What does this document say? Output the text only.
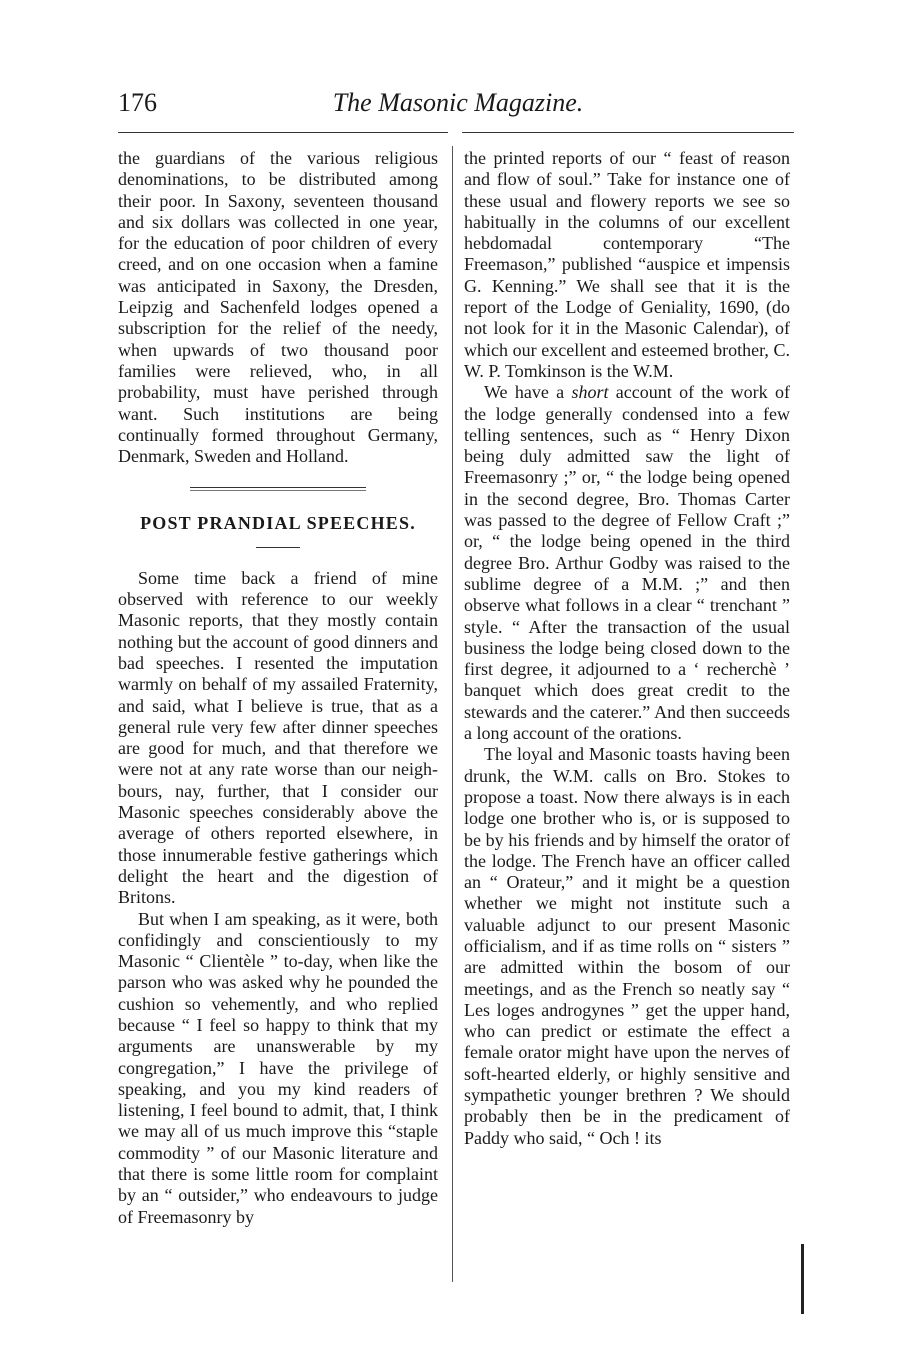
176	The Masonic Magazine.

the guardians of the various religious denominations, to be distributed among their poor. In Saxony, seventeen thousand and six dollars was collected in one year, for the education of poor children of every creed, and on one occasion when a famine was anticipated in Saxony, the Dresden, Leipzig and Sachenfeld lodges opened a subscription for the relief of the needy, when upwards of two thousand poor families were relieved, who, in all probability, must have perished through want. Such institutions are being continually formed throughout Germany, Denmark, Sweden and Holland.

POST PRANDIAL SPEECHES.

Some time back a friend of mine observed with reference to our weekly Masonic reports, that they mostly contain nothing but the account of good dinners and bad speeches. I resented the imputation warmly on behalf of my assailed Fraternity, and said, what I believe is true, that as a general rule very few after dinner speeches are good for much, and that therefore we were not at any rate worse than our neighbours, nay, further, that I consider our Masonic speeches considerably above the average of others reported elsewhere, in those innumerable festive gatherings which delight the heart and the digestion of Britons.

But when I am speaking, as it were, both confidingly and conscientiously to my Masonic “ Clientèle ” to-day, when like the parson who was asked why he pounded the cushion so vehemently, and who replied because “ I feel so happy to think that my arguments are unanswerable by my congregation,” I have the privilege of speaking, and you my kind readers of listening, I feel bound to admit, that, I think we may all of us much improve this “staple commodity ” of our Masonic literature and that there is some little room for complaint by an “ outsider,” who endeavours to judge of Freemasonry by

the printed reports of our “ feast of reason and flow of soul.” Take for instance one of these usual and flowery reports we see so habitually in the columns of our excellent hebdomadal contemporary “The Freemason,” published “auspice et impensis G. Kenning.” We shall see that it is the report of the Lodge of Geniality, 1690, (do not look for it in the Masonic Calendar), of which our excellent and esteemed brother, C. W. P. Tomkinson is the W.M.

We have a short account of the work of the lodge generally condensed into a few telling sentences, such as “ Henry Dixon being duly admitted saw the light of Freemasonry ;” or, “ the lodge being opened in the second degree, Bro. Thomas Carter was passed to the degree of Fellow Craft ;” or, “ the lodge being opened in the third degree Bro. Arthur Godby was raised to the sublime degree of a M.M. ;” and then observe what follows in a clear “ trenchant ” style. “ After the transaction of the usual business the lodge being closed down to the first degree, it adjourned to a ‘ recherchè ’ banquet which does great credit to the stewards and the caterer.” And then succeeds a long account of the orations.

The loyal and Masonic toasts having been drunk, the W.M. calls on Bro. Stokes to propose a toast. Now there always is in each lodge one brother who is, or is supposed to be by his friends and by himself the orator of the lodge. The French have an officer called an “ Orateur,” and it might be a question whether we might not institute such a valuable adjunct to our present Masonic officialism, and if as time rolls on “ sisters ” are admitted within the bosom of our meetings, and as the French so neatly say “ Les loges androgynes ” get the upper hand, who can predict or estimate the effect a female orator might have upon the nerves of soft-hearted elderly, or highly sensitive and sympathetic younger brethren ? We should probably then be in the predicament of Paddy who said, “ Och ! its
